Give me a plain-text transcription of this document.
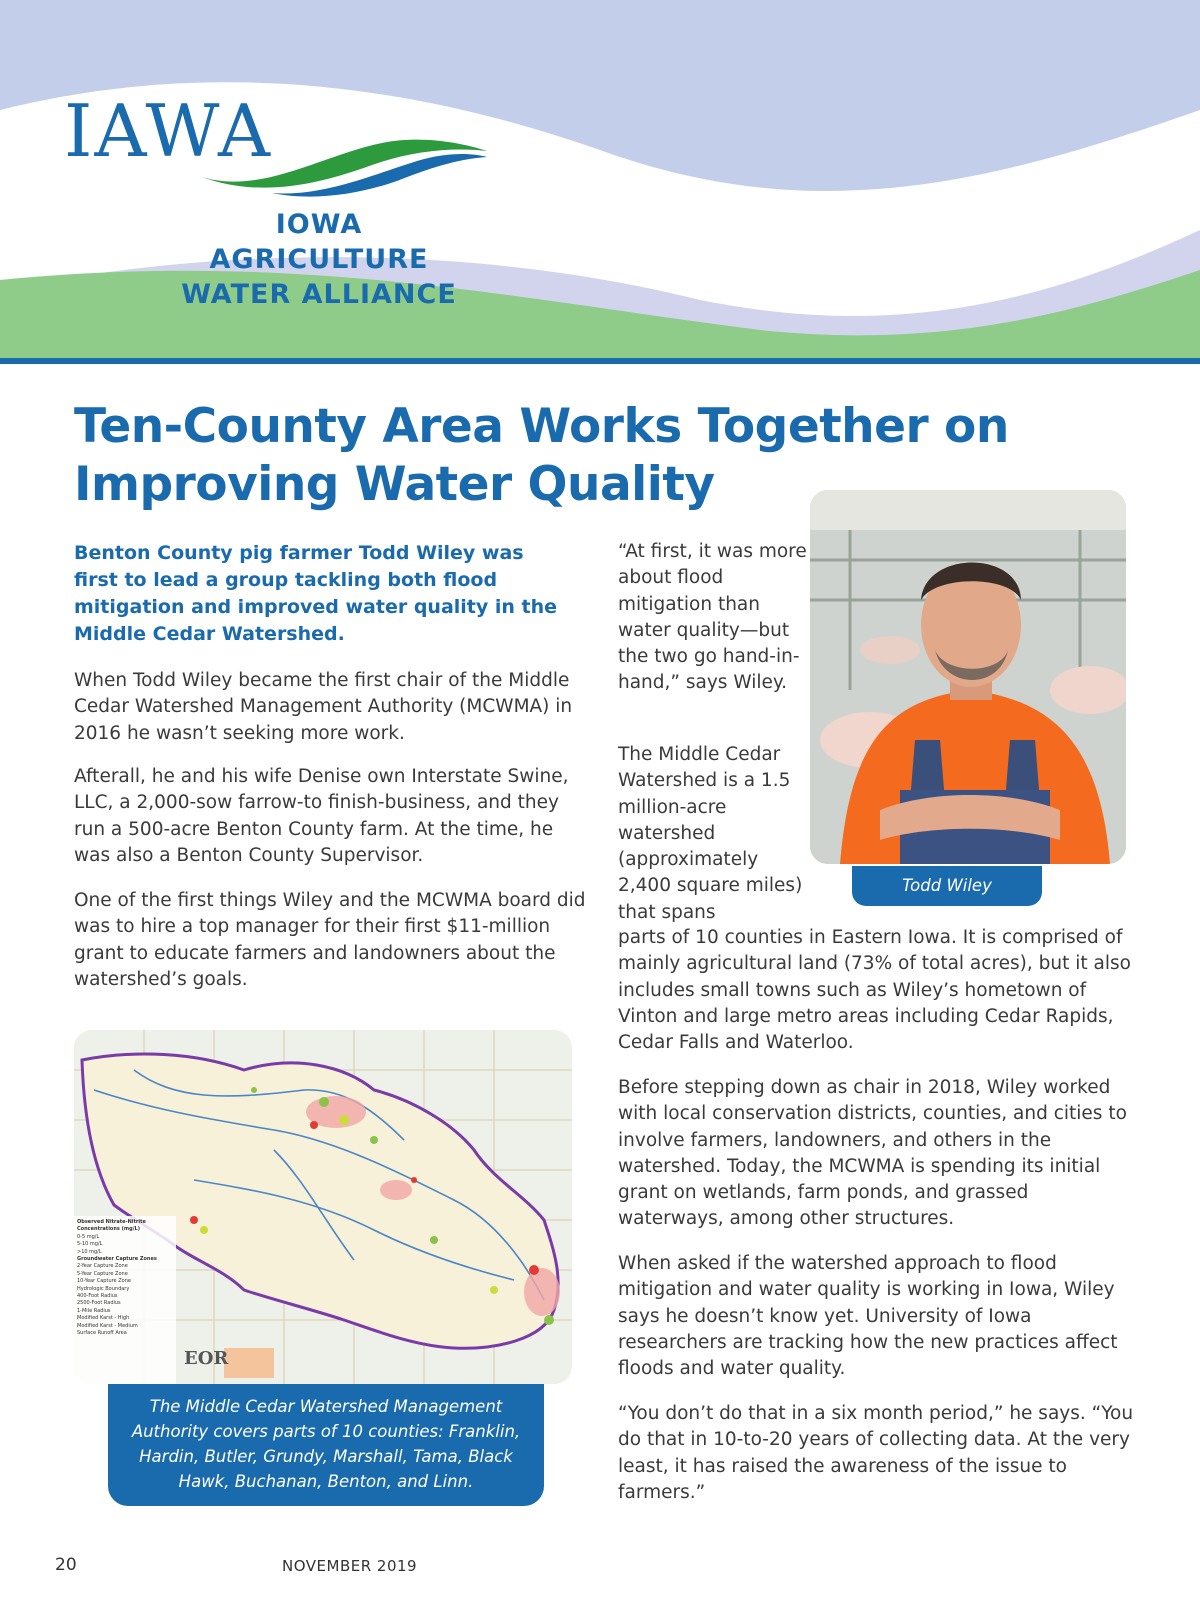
IAWA
IOWA AGRICULTURE
WATER ALLIANCE
Ten-County Area Works Together on Improving Water Quality

Benton County pig farmer Todd Wiley was first to lead a group tackling both flood mitigation and improved water quality in the Middle Cedar Watershed.

When Todd Wiley became the first chair of the Middle Cedar Watershed Management Authority (MCWMA) in 2016 he wasn’t seeking more work.

Afterall, he and his wife Denise own Interstate Swine, LLC, a 2,000-sow farrow-to finish-business, and they run a 500-acre Benton County farm. At the time, he was also a Benton County Supervisor.

One of the first things Wiley and the MCWMA board did was to hire a top manager for their first $11-million grant to educate farmers and landowners about the watershed’s goals.

Observed Nitrate-Nitrite
Concentrations (mg/L)
0-5 mg/L
5-10 mg/L
>10 mg/L
Groundwater Capture Zones
2-Year Capture Zone
5-Year Capture Zone
10-Year Capture Zone
Hydrologic Boundary
400-Foot Radius
2500-Foot Radius
1-Mile Radius
Modified Karst - High
Modified Karst - Medium
Surface Runoff Area
EOR
The Middle Cedar Watershed Management Authority covers parts of 10 counties: Franklin, Hardin, Butler, Grundy, Marshall, Tama, Black Hawk, Buchanan, Benton, and Linn.
Todd Wiley

“At first, it was more about flood mitigation than water quality—but the two go hand-in-hand,” says Wiley.

The Middle Cedar Watershed is a 1.5 million-acre watershed (approximately 2,400 square miles) that spans

parts of 10 counties in Eastern Iowa. It is comprised of mainly agricultural land (73% of total acres), but it also includes small towns such as Wiley’s hometown of Vinton and large metro areas including Cedar Rapids, Cedar Falls and Waterloo.

Before stepping down as chair in 2018, Wiley worked with local conservation districts, counties, and cities to involve farmers, landowners, and others in the watershed. Today, the MCWMA is spending its initial grant on wetlands, farm ponds, and grassed waterways, among other structures.

When asked if the watershed approach to flood mitigation and water quality is working in Iowa, Wiley says he doesn’t know yet. University of Iowa researchers are tracking how the new practices affect floods and water quality.

“You don’t do that in a six month period,” he says. “You do that in 10-to-20 years of collecting data. At the very least, it has raised the awareness of the issue to farmers.”

20	NOVEMBER 2019
